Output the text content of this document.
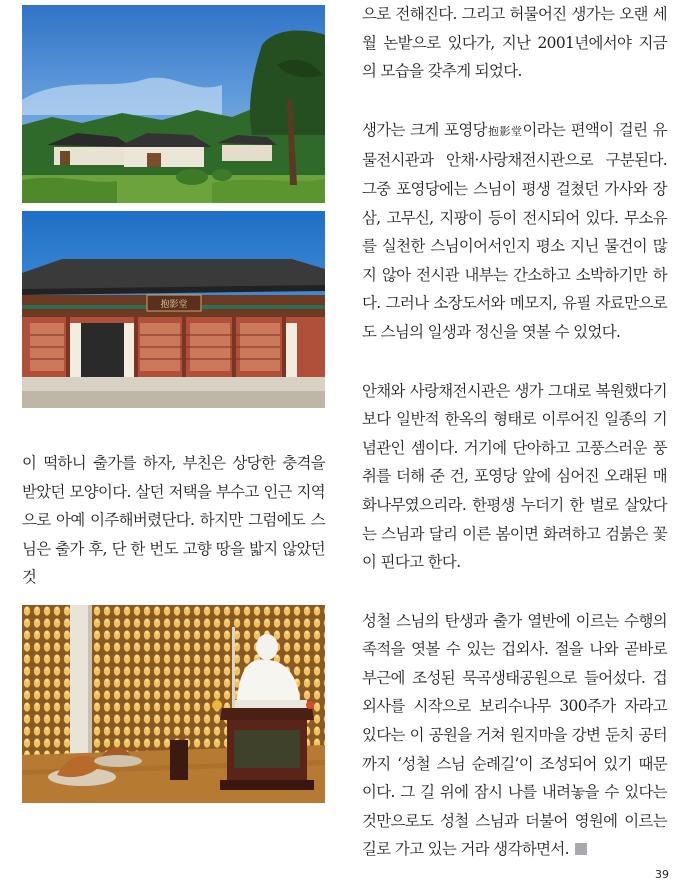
抱影堂

이 떡하니 출가를 하자, 부친은 상당한 충격을 받았던 모양이다. 살던 저택을 부수고 인근 지역으로 아예 이주해버렸단다. 하지만 그럼에도 스님은 출가 후, 단 한 번도 고향 땅을 밟지 않았던 것

으로 전해진다. 그리고 허물어진 생가는 오랜 세월 논밭으로 있다가, 지난 2001년에서야 지금의 모습을 갖추게 되었다.

생가는 크게 포영당抱影堂이라는 편액이 걸린 유물전시관과 안채·사랑채전시관으로 구분된다. 그중 포영당에는 스님이 평생 걸쳤던 가사와 장삼, 고무신, 지팡이 등이 전시되어 있다. 무소유를 실천한 스님이어서인지 평소 지닌 물건이 많지 않아 전시관 내부는 간소하고 소박하기만 하다. 그러나 소장도서와 메모지, 유필 자료만으로도 스님의 일생과 정신을 엿볼 수 있었다.

안채와 사랑채전시관은 생가 그대로 복원했다기보다 일반적 한옥의 형태로 이루어진 일종의 기념관인 셈이다. 거기에 단아하고 고풍스러운 풍취를 더해 준 건, 포영당 앞에 심어진 오래된 매화나무였으리라. 한평생 누더기 한 벌로 살았다는 스님과 달리 이른 봄이면 화려하고 검붉은 꽃이 핀다고 한다.

성철 스님의 탄생과 출가 열반에 이르는 수행의 족적을 엿볼 수 있는 겁외사. 절을 나와 곧바로 부근에 조성된 묵곡생태공원으로 들어섰다. 겁외사를 시작으로 보리수나무 300주가 자라고 있다는 이 공원을 거쳐 원지마을 강변 둔치 공터까지 ‘성철 스님 순례길’이 조성되어 있기 때문이다. 그 길 위에 잠시 나를 내려놓을 수 있다는 것만으로도 성철 스님과 더불어 영원에 이르는 길로 가고 있는 거라 생각하면서.

39
